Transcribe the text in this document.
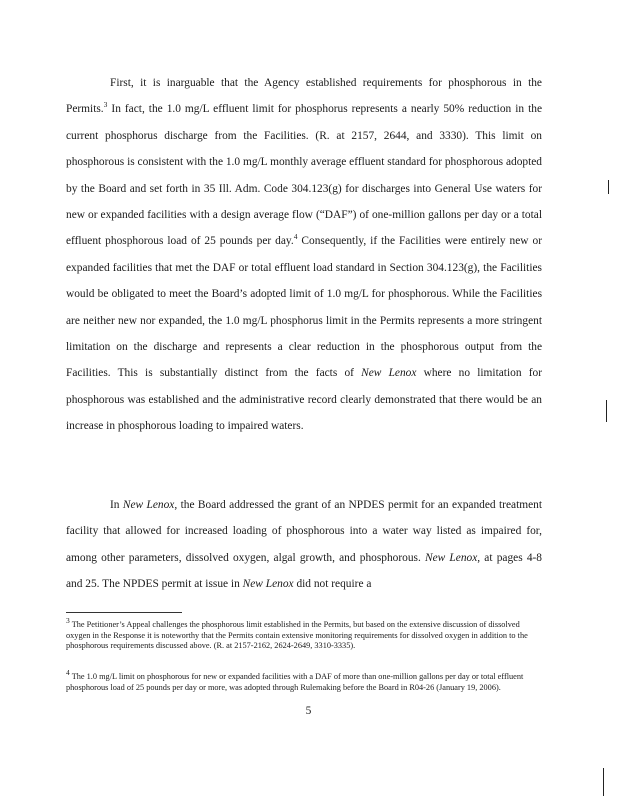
First, it is inarguable that the Agency established requirements for phosphorous in the Permits.$^3$ In fact, the 1.0 mg/L effluent limit for phosphorus represents a nearly 50% reduction in the current phosphorus discharge from the Facilities. (R. at 2157, 2644, and 3330). This limit on phosphorous is consistent with the 1.0 mg/L monthly average effluent standard for phosphorous adopted by the Board and set forth in 35 Ill. Adm. Code 304.123(g) for discharges into General Use waters for new or expanded facilities with a design average flow (“DAF”) of one-million gallons per day or a total effluent phosphorous load of 25 pounds per day.$^4$ Consequently, if the Facilities were entirely new or expanded facilities that met the DAF or total effluent load standard in Section 304.123(g), the Facilities would be obligated to meet the Board’s adopted limit of 1.0 mg/L for phosphorous. While the Facilities are neither new nor expanded, the 1.0 mg/L phosphorus limit in the Permits represents a more stringent limitation on the discharge and represents a clear reduction in the phosphorous output from the Facilities. This is substantially distinct from the facts of New Lenox where no limitation for phosphorous was established and the administrative record clearly demonstrated that there would be an increase in phosphorous loading to impaired waters.

In New Lenox, the Board addressed the grant of an NPDES permit for an expanded treatment facility that allowed for increased loading of phosphorous into a water way listed as impaired for, among other parameters, dissolved oxygen, algal growth, and phosphorous. New Lenox, at pages 4-8 and 25. The NPDES permit at issue in New Lenox did not require a

$^3$ The Petitioner’s Appeal challenges the phosphorous limit established in the Permits, but based on the extensive discussion of dissolved oxygen in the Response it is noteworthy that the Permits contain extensive monitoring requirements for dissolved oxygen in addition to the phosphorous requirements discussed above. (R. at 2157-2162, 2624-2649, 3310-3335).

$^4$ The 1.0 mg/L limit on phosphorous for new or expanded facilities with a DAF of more than one-million gallons per day or total effluent phosphorous load of 25 pounds per day or more, was adopted through Rulemaking before the Board in R04-26 (January 19, 2006).

5
